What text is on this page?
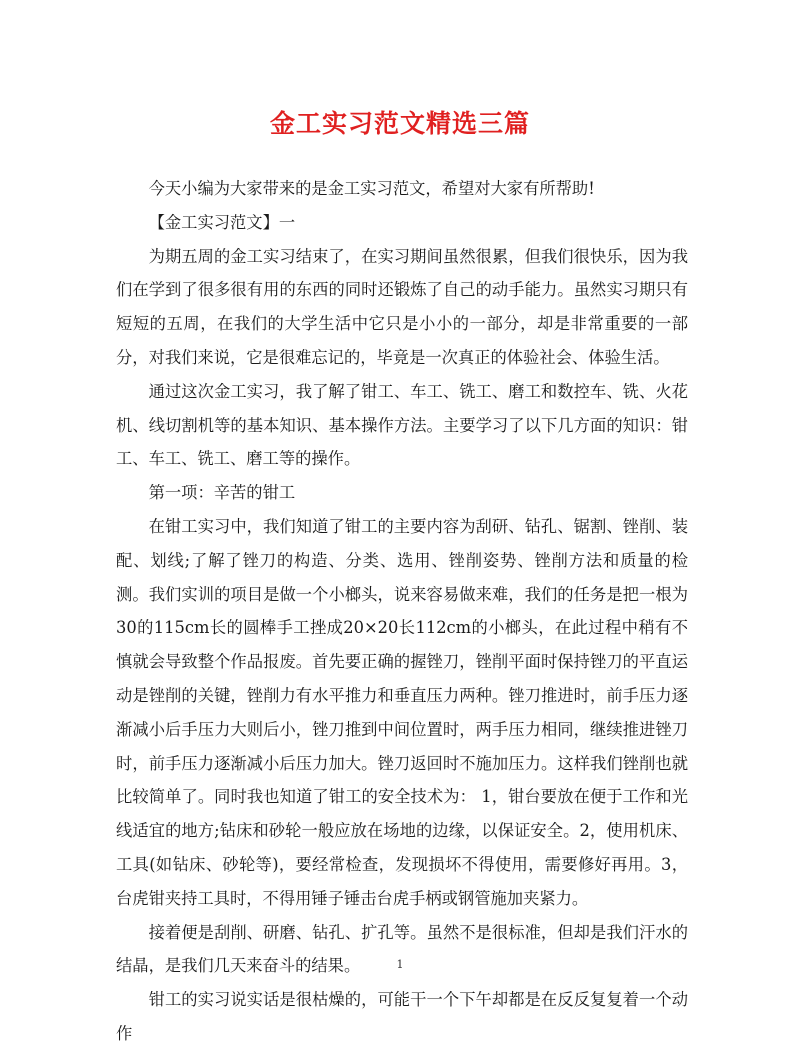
金工实习范文精选三篇

今天小编为大家带来的是金工实习范文，希望对大家有所帮助!

【金工实习范文】一

为期五周的金工实习结束了，在实习期间虽然很累，但我们很快乐，因为我们在学到了很多很有用的东西的同时还锻炼了自己的动手能力。虽然实习期只有短短的五周，在我们的大学生活中它只是小小的一部分，却是非常重要的一部分，对我们来说，它是很难忘记的，毕竟是一次真正的体验社会、体验生活。

通过这次金工实习，我了解了钳工、车工、铣工、磨工和数控车、铣、火花机、线切割机等的基本知识、基本操作方法。主要学习了以下几方面的知识：钳工、车工、铣工、磨工等的操作。

第一项：辛苦的钳工

在钳工实习中，我们知道了钳工的主要内容为刮研、钻孔、锯割、锉削、装配、划线;了解了锉刀的构造、分类、选用、锉削姿势、锉削方法和质量的检测。我们实训的项目是做一个小榔头，说来容易做来难，我们的任务是把一根为30的115cm长的圆棒手工挫成20×20长112cm的小榔头，在此过程中稍有不慎就会导致整个作品报废。首先要正确的握锉刀，锉削平面时保持锉刀的平直运动是锉削的关键，锉削力有水平推力和垂直压力两种。锉刀推进时，前手压力逐渐减小后手压力大则后小，锉刀推到中间位置时，两手压力相同，继续推进锉刀时，前手压力逐渐减小后压力加大。锉刀返回时不施加压力。这样我们锉削也就比较简单了。同时我也知道了钳工的安全技术为： 1，钳台要放在便于工作和光线适宜的地方;钻床和砂轮一般应放在场地的边缘，以保证安全。2，使用机床、工具(如钻床、砂轮等)，要经常检查，发现损坏不得使用，需要修好再用。3，台虎钳夹持工具时，不得用锤子锤击台虎手柄或钢管施加夹紧力。

接着便是刮削、研磨、钻孔、扩孔等。虽然不是很标准，但却是我们汗水的结晶，是我们几天来奋斗的结果。

钳工的实习说实话是很枯燥的，可能干一个下午却都是在反反复复着一个动作

1
